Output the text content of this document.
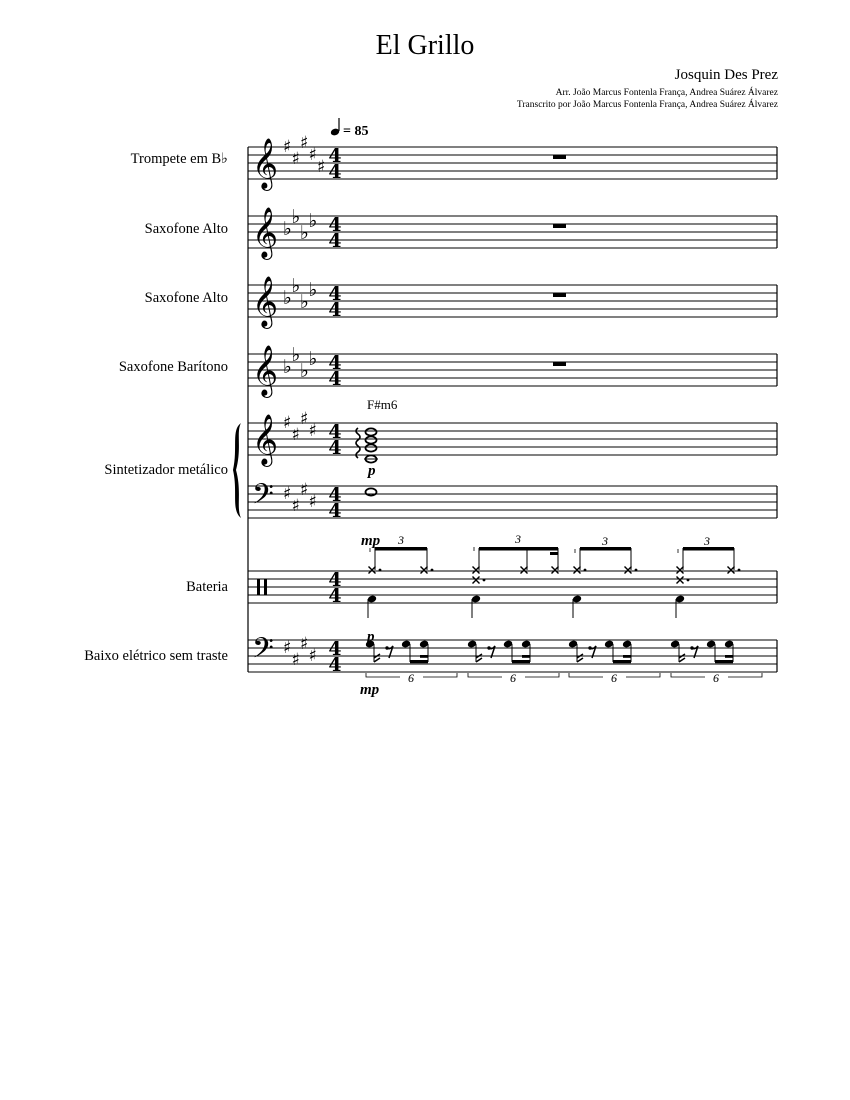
El Grillo
Josquin Des Prez
Arr. João Marcus Fontenla França, Andrea Suárez Álvarez
Transcrito por João Marcus Fontenla França, Andrea Suárez Álvarez
Trompete em B♭
Saxofone Alto
Saxofone Alto
Saxofone Barítono
Sintetizador metálico
Bateria
Baixo elétrico sem traste
𝄞
𝄞
𝄞
𝄞
𝄞
𝄢
𝄢
♯
♯
♯
♯
♯
♭
♭
♭
♭
♭
♭
♭
♭
♭
♭
♭
♭
♯
♯
♯
♯
♯
♯
♯
♯
♯
♯
♯
♯
= 85
F#m6
p
mp
p
mp
3	3	3	3
6	6	6	6
4
4
4
4
4
4
4
4
4
4
4
4
4
4
4
4
